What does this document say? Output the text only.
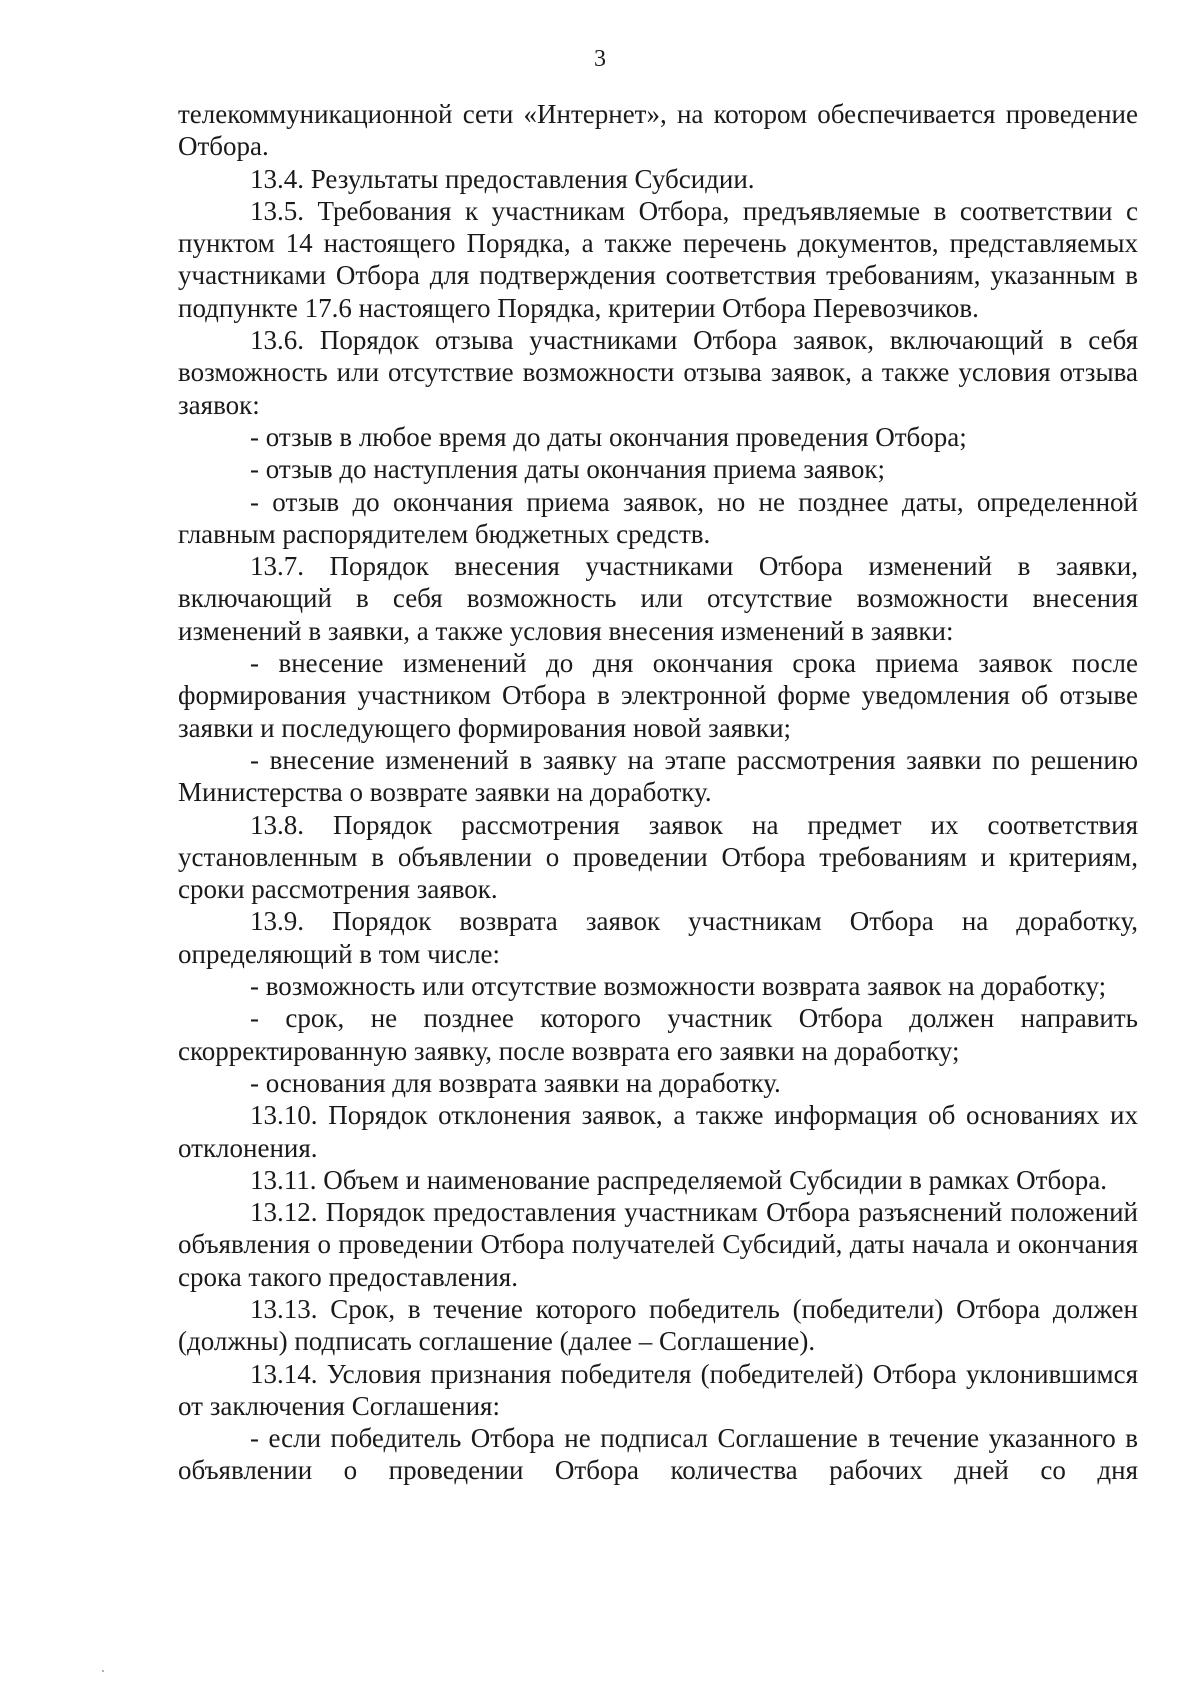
3

телекоммуникационной сети «Интернет», на котором обеспечивается проведение Отбора.

13.4. Результаты предоставления Субсидии.

13.5. Требования к участникам Отбора, предъявляемые в соответствии с пунктом 14 настоящего Порядка, а также перечень документов, представляемых участниками Отбора для подтверждения соответствия требованиям, указанным в подпункте 17.6 настоящего Порядка, критерии Отбора Перевозчиков.

13.6. Порядок отзыва участниками Отбора заявок, включающий в себя возможность или отсутствие возможности отзыва заявок, а также условия отзыва заявок:

- отзыв в любое время до даты окончания проведения Отбора;

- отзыв до наступления даты окончания приема заявок;

- отзыв до окончания приема заявок, но не позднее даты, определенной главным распорядителем бюджетных средств.

13.7. Порядок внесения участниками Отбора изменений в заявки, включающий в себя возможность или отсутствие возможности внесения изменений в заявки, а также условия внесения изменений в заявки:

- внесение изменений до дня окончания срока приема заявок после формирования участником Отбора в электронной форме уведомления об отзыве заявки и последующего формирования новой заявки;

- внесение изменений в заявку на этапе рассмотрения заявки по решению Министерства о возврате заявки на доработку.

13.8. Порядок рассмотрения заявок на предмет их соответствия установленным в объявлении о проведении Отбора требованиям и критериям, сроки рассмотрения заявок.

13.9. Порядок возврата заявок участникам Отбора на доработку, определяющий в том числе:

- возможность или отсутствие возможности возврата заявок на доработку;

- срок, не позднее которого участник Отбора должен направить скорректированную заявку, после возврата его заявки на доработку;

- основания для возврата заявки на доработку.

13.10. Порядок отклонения заявок, а также информация об основаниях их отклонения.

13.11. Объем и наименование распределяемой Субсидии в рамках Отбора.

13.12. Порядок предоставления участникам Отбора разъяснений положений объявления о проведении Отбора получателей Субсидий, даты начала и окончания срока такого предоставления.

13.13. Срок, в течение которого победитель (победители) Отбора должен (должны) подписать соглашение (далее – Соглашение).

13.14. Условия признания победителя (победителей) Отбора уклонившимся от заключения Соглашения:

- если победитель Отбора не подписал Соглашение в течение указанного в объявлении о проведении Отбора количества рабочих дней со дня
